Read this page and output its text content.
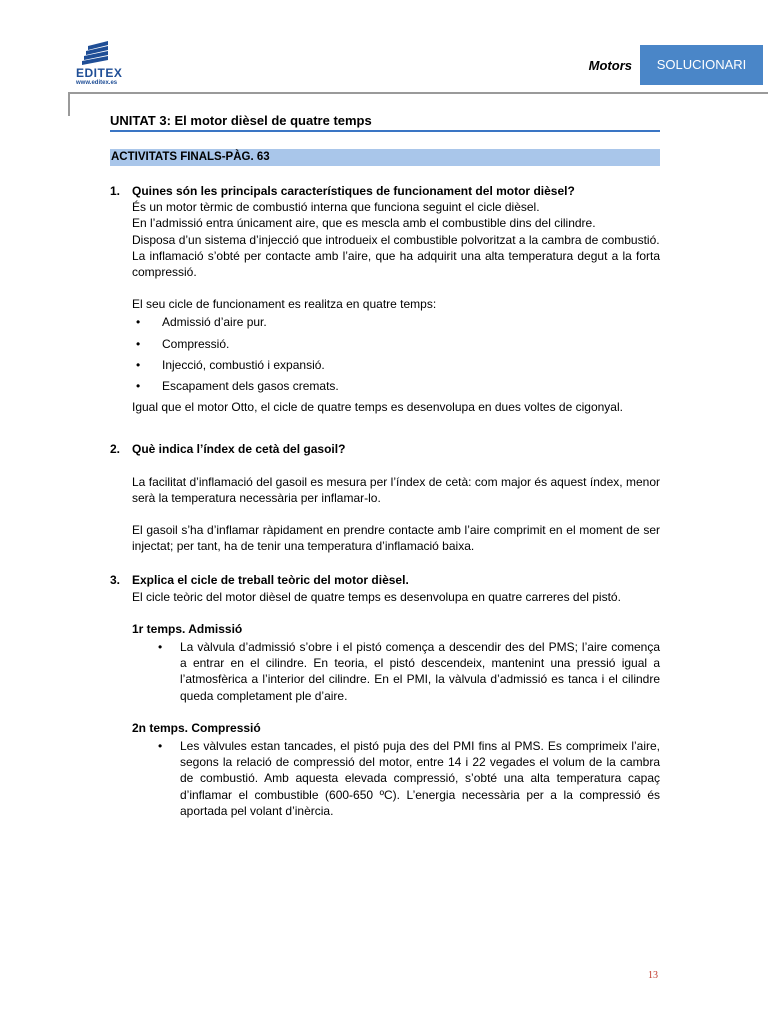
EDITEX
www.editex.es
Motors	SOLUCIONARI
UNITAT 3: El motor dièsel de quatre temps
ACTIVITATS FINALS-PÀG. 63

1. Quines són les principals característiques de funcionament del motor dièsel?

És un motor tèrmic de combustió interna que funciona seguint el cicle dièsel.

En l’admissió entra únicament aire, que es mescla amb el combustible dins del cilindre.

Disposa d’un sistema d’injecció que introdueix el combustible polvoritzat a la cambra de combustió.

La inflamació s’obté per contacte amb l’aire, que ha adquirit una alta temperatura degut a la forta compressió.

El seu cicle de funcionament es realitza en quatre temps:

• Admissió d’aire pur.
• Compressió.
• Injecció, combustió i expansió.
• Escapament dels gasos cremats.

Igual que el motor Otto, el cicle de quatre temps es desenvolupa en dues voltes de cigonyal.

2. Què indica l’índex de cetà del gasoil?

La facilitat d’inflamació del gasoil es mesura per l’índex de cetà: com major és aquest índex, menor serà la temperatura necessària per inflamar-lo.

El gasoil s’ha d’inflamar ràpidament en prendre contacte amb l’aire comprimit en el moment de ser injectat; per tant, ha de tenir una temperatura d’inflamació baixa.

3. Explica el cicle de treball teòric del motor dièsel.

El cicle teòric del motor dièsel de quatre temps es desenvolupa en quatre carreres del pistó.

1r temps. Admissió

• La vàlvula d’admissió s’obre i el pistó comença a descendir des del PMS; l’aire comença a entrar en el cilindre. En teoria, el pistó descendeix, mantenint una pressió igual a l’atmosfèrica a l’interior del cilindre. En el PMI, la vàlvula d’admissió es tanca i el cilindre queda completament ple d’aire.

2n temps. Compressió

• Les vàlvules estan tancades, el pistó puja des del PMI fins al PMS. Es comprimeix l’aire, segons la relació de compressió del motor, entre 14 i 22 vegades el volum de la cambra de combustió. Amb aquesta elevada compressió, s’obté una alta temperatura capaç d’inflamar el combustible (600-650 ºC). L’energia necessària per a la compressió és aportada pel volant d’inèrcia.
13
